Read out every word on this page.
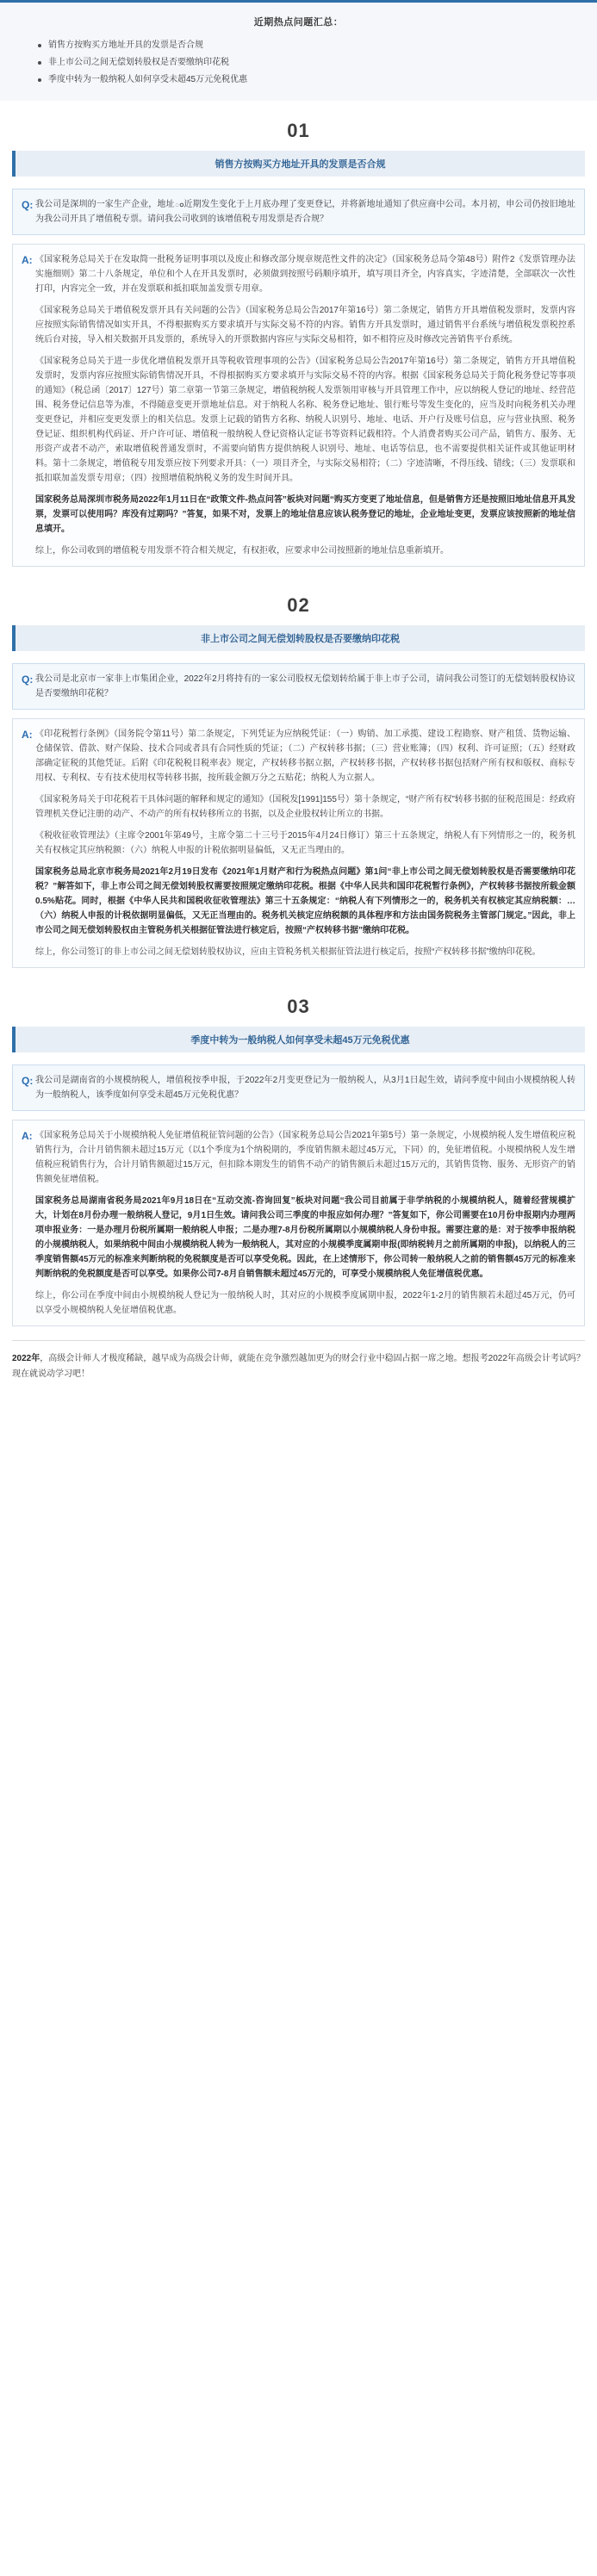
近期热点问题汇总：
销售方按购买方地址开具的发票是否合规
非上市公司之间无偿划转股权是否要缴纳印花税
季度中转为一般纳税人如何享受未超45万元免税优惠
01
销售方按购买方地址开具的发票是否合规
Q: 我公司是深圳的一家生产企业，地址ం近期发生变化于上月底办理了变更登记，并将新地址通知了供应商中公司。本月初，申公司仍按旧地址为我公司开具了增值税专票。请问我公司收到的该增值税专用发票是否合规？

A: 《国家税务总局关于在发取简一批税务证明事项以及废止和修改部分规章规范性文件的决定》（国家税务总局令第48号）附件2《发票管理办法实施细则》第二十八条规定，单位和个人在开具发票时，必须做到按照号码顺序填开，填写项目齐全，内容真实，字迹清楚，全部联次一次性打印，内容完全一致，并在发票联和抵扣联加盖发票专用章。

《国家税务总局关于增值税发票开具有关问题的公告》（国家税务总局公告2017年第16号）第二条规定，销售方开具增值税发票时，发票内容应按照实际销售情况如实开具，不得根据购买方要求填开与实际交易不符的内容。销售方开具发票时，通过销售平台系统与增值税发票税控系统后台对接，导入相关数据开具发票的，系统导入的开票数据内容应与实际交易相符，如不相符应及时修改完善销售平台系统。

《国家税务总局关于进一步优化增值税发票开具等税收管理事项的公告》（国家税务总局公告2017年第16号）第二条规定，销售方开具增值税发票时，发票内容应按照实际销售情况开具，不得根据购买方要求填开与实际交易不符的内容。根据《国家税务总局关于简化税务登记等事项的通知》（税总函〔2017〕127号）第二章第一节第三条规定，增值税纳税人发票领用审核与开具管理工作中，应以纳税人登记的地址、经营范围、税务登记信息等为准，不得随意变更开票地址信息。对于纳税人名称、税务登记地址、银行账号等发生变化的，应当及时向税务机关办理变更登记，并相应变更发票上的相关信息。发票上记载的销售方名称、纳税人识别号、地址、电话、开户行及账号信息，应与营业执照、税务登记证、组织机构代码证、开户许可证、增值税一般纳税人登记资格认定证书等资料记载相符。个人消费者购买公司产品，销售方、服务、无形资产或者不动产，索取增值税普通发票时，不需要向销售方提供纳税人识别号、地址、电话等信息，也不需要提供相关证件或其他证明材料。第十二条规定，增值税专用发票应按下列要求开具：（一）项目齐全，与实际交易相符；（二）字迹清晰，不得压线、错线；（三）发票联和抵扣联加盖发票专用章；（四）按照增值税纳税义务的发生时间开具。

国家税务总局深圳市税务局2022年1月11日在“政策文件-热点问答”板块对问题“购买方变更了地址信息，但是销售方还是按照旧地址信息开具发票，发票可以使用吗？库没有过期吗？”答复，如果不对，发票上的地址信息应该认税务登记的地址，企业地址变更，发票应该按照新的地址信息填开。

综上，你公司收到的增值税专用发票不符合相关规定，有权拒收，应要求申公司按照新的地址信息重新填开。

02
非上市公司之间无偿划转股权是否要缴纳印花税
Q: 我公司是北京市一家非上市集团企业，2022年2月将持有的一家公司股权无偿划转给属于非上市子公司，请问我公司签订的无偿划转股权协议是否要缴纳印花税？

A: 《印花税暂行条例》（国务院令第11号）第二条规定，下列凭证为应纳税凭证：（一）购销、加工承揽、建设工程勘察、财产租赁、货物运输、仓储保管、借款、财产保险、技术合同或者具有合同性质的凭证；（二）产权转移书据；（三）营业账簿；（四）权利、许可证照；（五）经财政部确定征税的其他凭证。后附《印花税税目税率表》规定，产权转移书据立据，产权转移书据，产权转移书据包括财产所有权和版权、商标专用权、专利权、专有技术使用权等转移书据，按所载金额万分之五贴花；纳税人为立据人。

《国家税务局关于印花税若干具体问题的解释和规定的通知》（国税发[1991]155号）第十条规定，“财产所有权”转移书据的征税范围是：经政府管理机关登记注册的动产、不动产的所有权转移所立的书据，以及企业股权转让所立的书据。

《税收征收管理法》（主席令2001年第49号，主席令第二十三号于2015年4月24日修订）第三十五条规定，纳税人有下列情形之一的，税务机关有权核定其应纳税额：（六）纳税人申报的计税依据明显偏低，又无正当理由的。

国家税务总局北京市税务局2021年2月19日发布《2021年1月财产和行为税热点问题》第1问“非上市公司之间无偿划转股权是否需要缴纳印花税？”解答如下，非上市公司之间无偿划转股权需要按照规定缴纳印花税。根据《中华人民共和国印花税暂行条例》，产权转移书据按所载金额0.5%贴花。同时，根据《中华人民共和国税收征收管理法》第三十五条规定：“纳税人有下列情形之一的，税务机关有权核定其应纳税额：…（六）纳税人申报的计税依据明显偏低，又无正当理由的。税务机关核定应纳税额的具体程序和方法由国务院税务主管部门规定。”因此，非上市公司之间无偿划转股权由主管税务机关根据征管法进行核定后，按照“产权转移书据”缴纳印花税。

综上，你公司签订的非上市公司之间无偿划转股权协议，应由主管税务机关根据征管法进行核定后，按照“产权转移书据”缴纳印花税。

03
季度中转为一般纳税人如何享受未超45万元免税优惠
Q: 我公司是湖南省的小规模纳税人，增值税按季申报，于2022年2月变更登记为一般纳税人，从3月1日起生效，请问季度中间由小规模纳税人转为一般纳税人，该季度如何享受未超45万元免税优惠？

A: 《国家税务总局关于小规模纳税人免征增值税征管问题的公告》（国家税务总局公告2021年第5号）第一条规定，小规模纳税人发生增值税应税销售行为，合计月销售额未超过15万元（以1个季度为1个纳税期的，季度销售额未超过45万元，下同）的，免征增值税。小规模纳税人发生增值税应税销售行为，合计月销售额超过15万元，但扣除本期发生的销售不动产的销售额后未超过15万元的，其销售货物、服务、无形资产的销售额免征增值税。

国家税务总局湖南省税务局2021年9月18日在“互动交流-咨询回复”板块对问题“我公司目前属于非学纳税的小规模纳税人，随着经营规模扩大，计划在8月份办理一般纳税人登记，9月1日生效。请问我公司三季度的申报应如何办理？”答复如下，你公司需要在10月份申报期内办理两项申报业务：一是办理月份税所属期一般纳税人申报；二是办理7-8月份税所属期以小规模纳税人身份申报。需要注意的是：对于按季申报纳税的小规模纳税人，如果纳税中间由小规模纳税人转为一般纳税人，其对应的小规模季度属期申报(即纳税转月之前所属期的申报)，以纳税人的三季度销售额45万元的标准来判断纳税的免税额度是否可以享受免税。因此，在上述情形下，你公司转一般纳税人之前的销售额45万元的标准来判断纳税的免税额度是否可以享受。如果你公司7-8月自销售额未超过45万元的，可享受小规模纳税人免征增值税优惠。

综上，你公司在季度中间由小规模纳税人登记为一般纳税人时，其对应的小规模季度属期申报，2022年1-2月的销售额若未超过45万元，仍可以享受小规模纳税人免征增值税优惠。

2022年，高级会计师人才极度稀缺，越早成为高级会计师，就能在竞争激烈越加更为的财会行业中稳固占据一席之地。想报考2022年高级会计考试吗？现在就说动学习吧！
